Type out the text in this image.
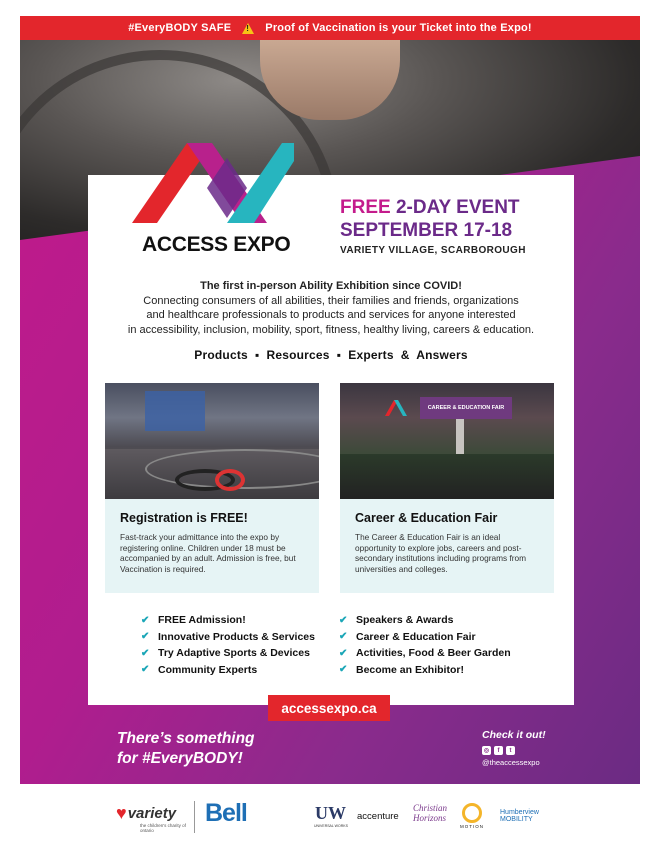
#EveryBODY SAFE
!	Proof of Vaccination is your Ticket into the Expo!
ACCESS EXPO
FREE 2-DAY EVENT
SEPTEMBER 17-18
VARIETY VILLAGE, SCARBOROUGH
The first in-person Ability Exhibition since COVID!
Connecting consumers of all abilities, their families and friends, organizations
and healthcare professionals to products and services for anyone interested
in accessibility, inclusion, mobility, sport, fitness, healthy living, careers & education.
Products  ▪  Resources  ▪  Experts & Answers
CAREER & EDUCATION FAIR
Registration is FREE!

Fast-track your admittance into the expo by registering online. Children under 18 must be accompanied by an adult. Admission is free, but Vaccination is required.

Career & Education Fair

The Career & Education Fair is an ideal opportunity to explore jobs, careers and post-secondary institutions including programs from universities and colleges.

✔ FREE Admission!
✔ Innovative Products & Services
✔ Try Adaptive Sports & Devices
✔ Community Experts
✔ Speakers & Awards
✔ Career & Education Fair
✔ Activities, Food & Beer Garden
✔ Become an Exhibitor!
accessexpo.ca
There’s something
for #EveryBODY!
Check it out!
◎	f	t
@theaccessexpo
♥ variety
the children's charity of ontario
Bell	UW
UNIVERSAL WORKS
accenture
Christian
Horizons
MOTION
Humberview
MOBILITY
